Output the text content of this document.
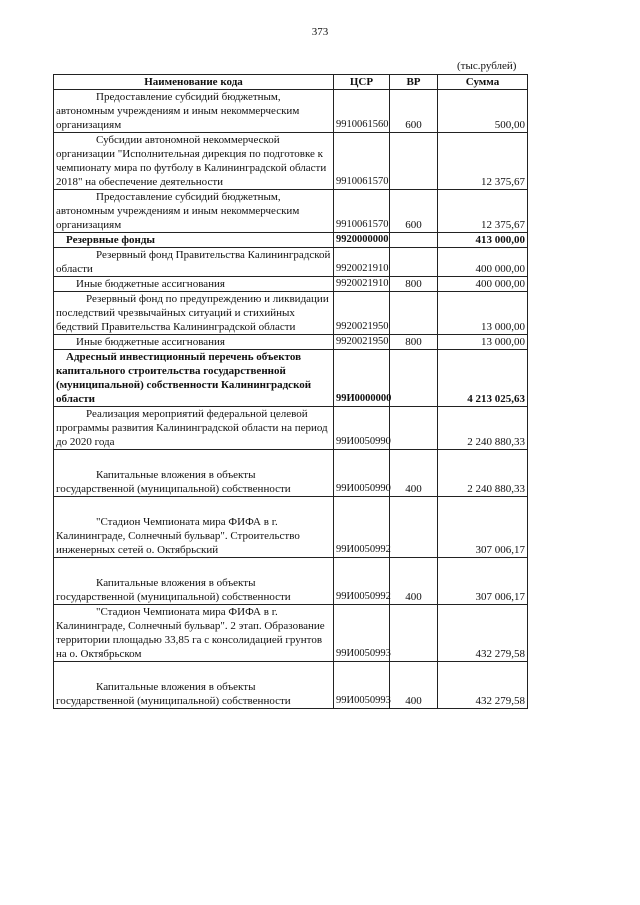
373
(тыс.рублей)
Наименование кода	ЦСР	ВР	Сумма

Предоставление субсидий бюджетным, автономным учреждениям и иным некоммерческим организациям	9910061560	600	500,00

Субсидии автономной некоммерческой организации "Исполнительная дирекция по подготовке к чемпионату мира по футболу в Калининградской области 2018" на обеспечение деятельности	9910061570		12 375,67

Предоставление субсидий бюджетным, автономным учреждениям и иным некоммерческим организациям	9910061570	600	12 375,67

Резервные фонды	9920000000		413 000,00

Резервный фонд Правительства Калининградской области	9920021910		400 000,00

Иные бюджетные ассигнования	9920021910	800	400 000,00

Резервный фонд по предупреждению и ликвидации последствий чрезвычайных ситуаций и стихийных бедствий Правительства Калининградской области	9920021950		13 000,00

Иные бюджетные ассигнования	9920021950	800	13 000,00

Адресный инвестиционный перечень объектов капитального строительства государственной (муниципальной) собственности Калининградской области	99И0000000		4 213 025,63

Реализация мероприятий федеральной целевой программы развития Калининградской области на период до 2020 года	99И0050990		2 240 880,33

Капитальные вложения в объекты государственной (муниципальной) собственности	99И0050990	400	2 240 880,33

"Стадион Чемпионата мира ФИФА в г. Калининграде, Солнечный бульвар". Строительство инженерных сетей о. Октябрьский	99И0050992		307 006,17

Капитальные вложения в объекты государственной (муниципальной) собственности	99И0050992	400	307 006,17

"Стадион Чемпионата мира ФИФА в г. Калининграде, Солнечный бульвар". 2 этап. Образование территории площадью 33,85 га с консолидацией грунтов на о. Октябрьском	99И0050993		432 279,58

Капитальные вложения в объекты государственной (муниципальной) собственности	99И0050993	400	432 279,58
